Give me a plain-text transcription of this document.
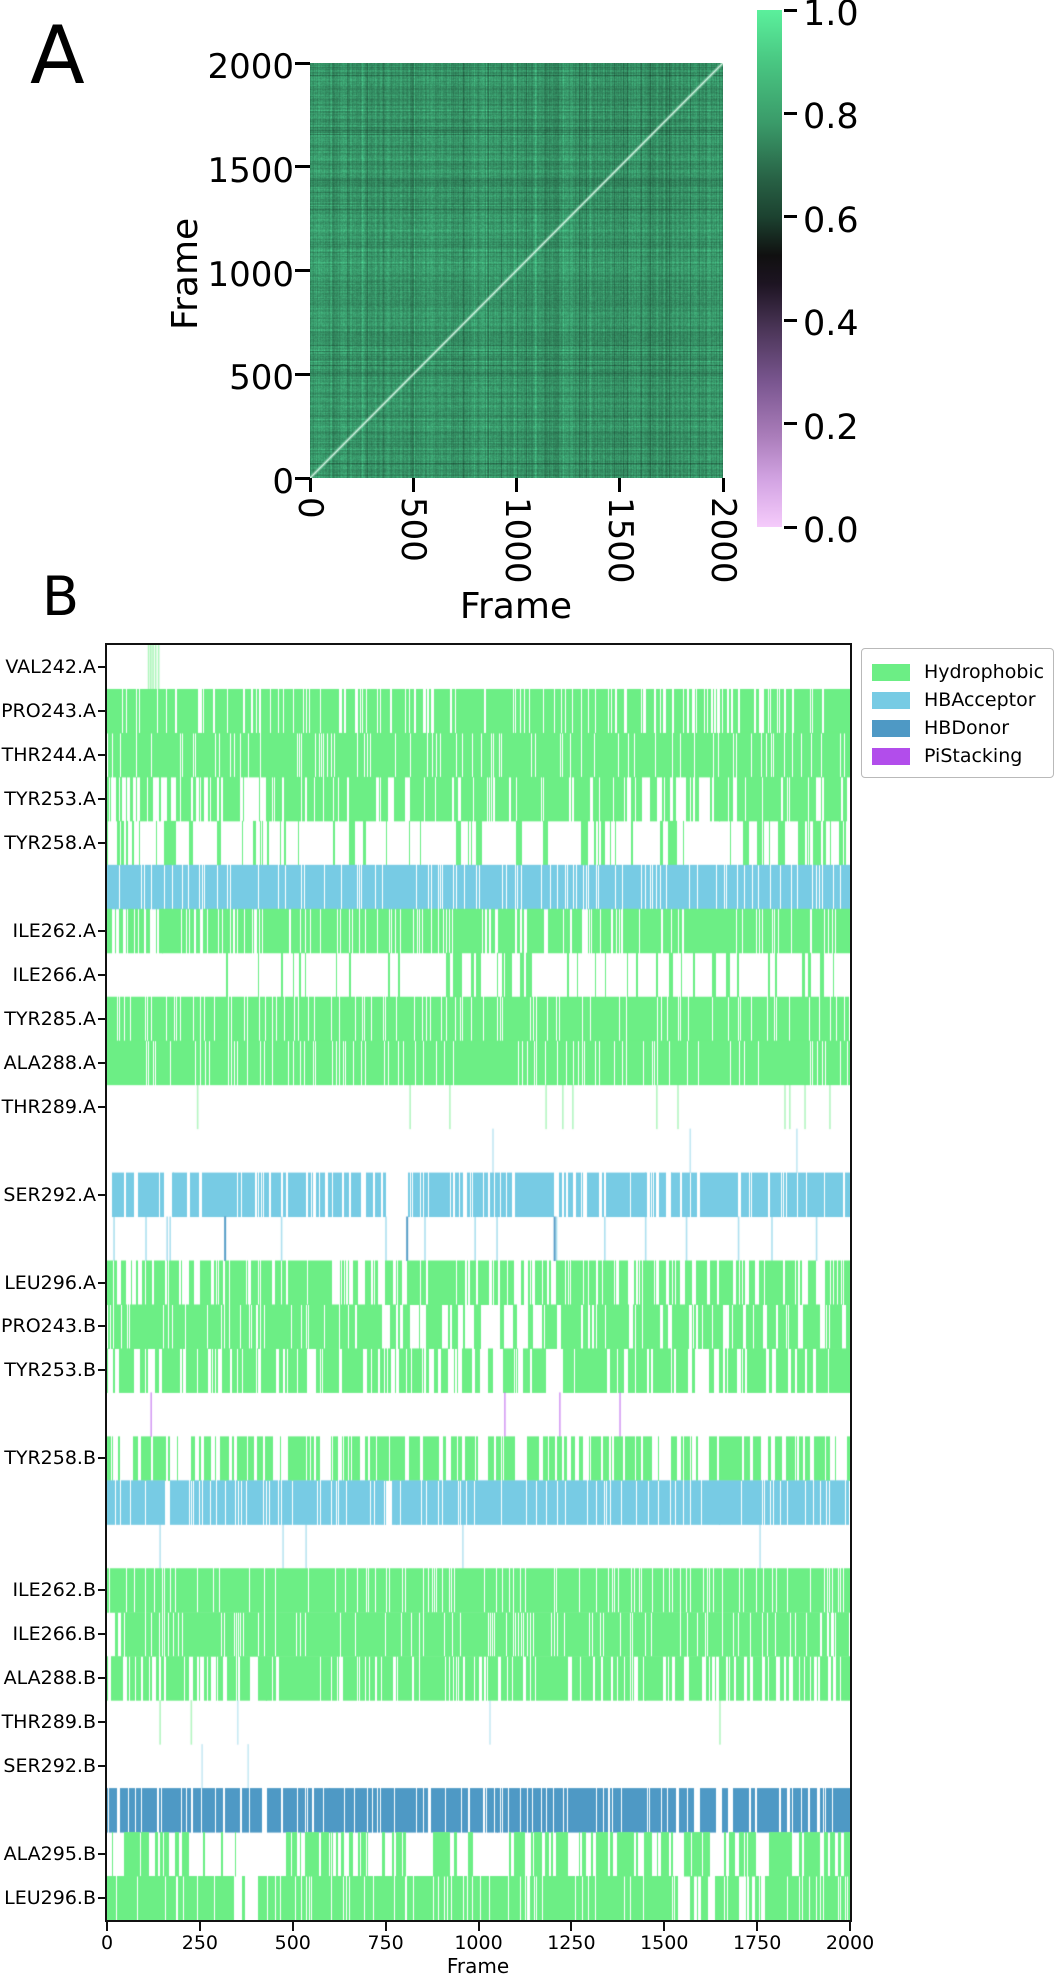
A	2000
1500
1000
500
0
0 500 1000 1500 2000
Frame
Frame
1.0
0.8
0.6
0.4
0.2
0.0
B
VAL242.A
PRO243.A
THR244.A
TYR253.A
TYR258.A
ILE262.A
ILE266.A
TYR285.A
ALA288.A
THR289.A
SER292.A
LEU296.A
PRO243.B
TYR253.B
TYR258.B
ILE262.B
ILE266.B
ALA288.B
THR289.B
SER292.B
ALA295.B
LEU296.B
0	250	500	750	1000 1250 1500 1750 2000
Frame
Hydrophobic
HBAcceptor
HBDonor
PiStacking
